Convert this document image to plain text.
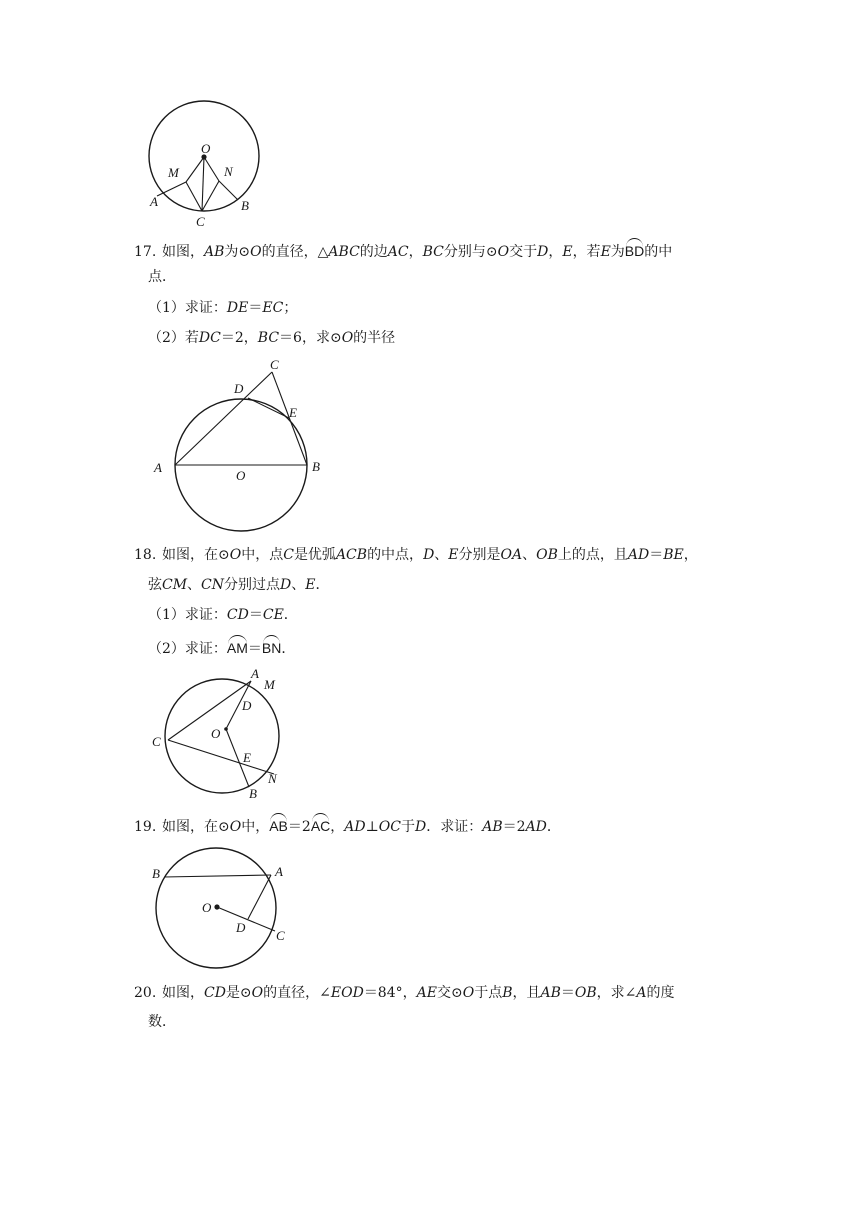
O
M	N
A
C
B
17. 如图，AB为⊙O的直径，△ABC的边AC，BC分别与⊙O交于D，E，若E为BD的中
点．
（1）求证：DE＝EC；
（2）若DC＝2，BC＝6，求⊙O的半径
C
D
E
A
O
B
18. 如图，在⊙O中，点C是优弧ACB的中点，D、E分别是OA、OB上的点，且AD＝BE，
弦CM、CN分别过点D、E．
（1）求证：CD＝CE．
（2）求证：AM＝BN．
A
M
D
C
O
E
N
B
19. 如图，在⊙O中，AB＝2AC，AD⊥OC于D．求证：AB＝2AD．
B	A
O
D
C
20. 如图，CD是⊙O的直径，∠EOD＝84°，AE交⊙O于点B，且AB＝OB，求∠A的度
数．
